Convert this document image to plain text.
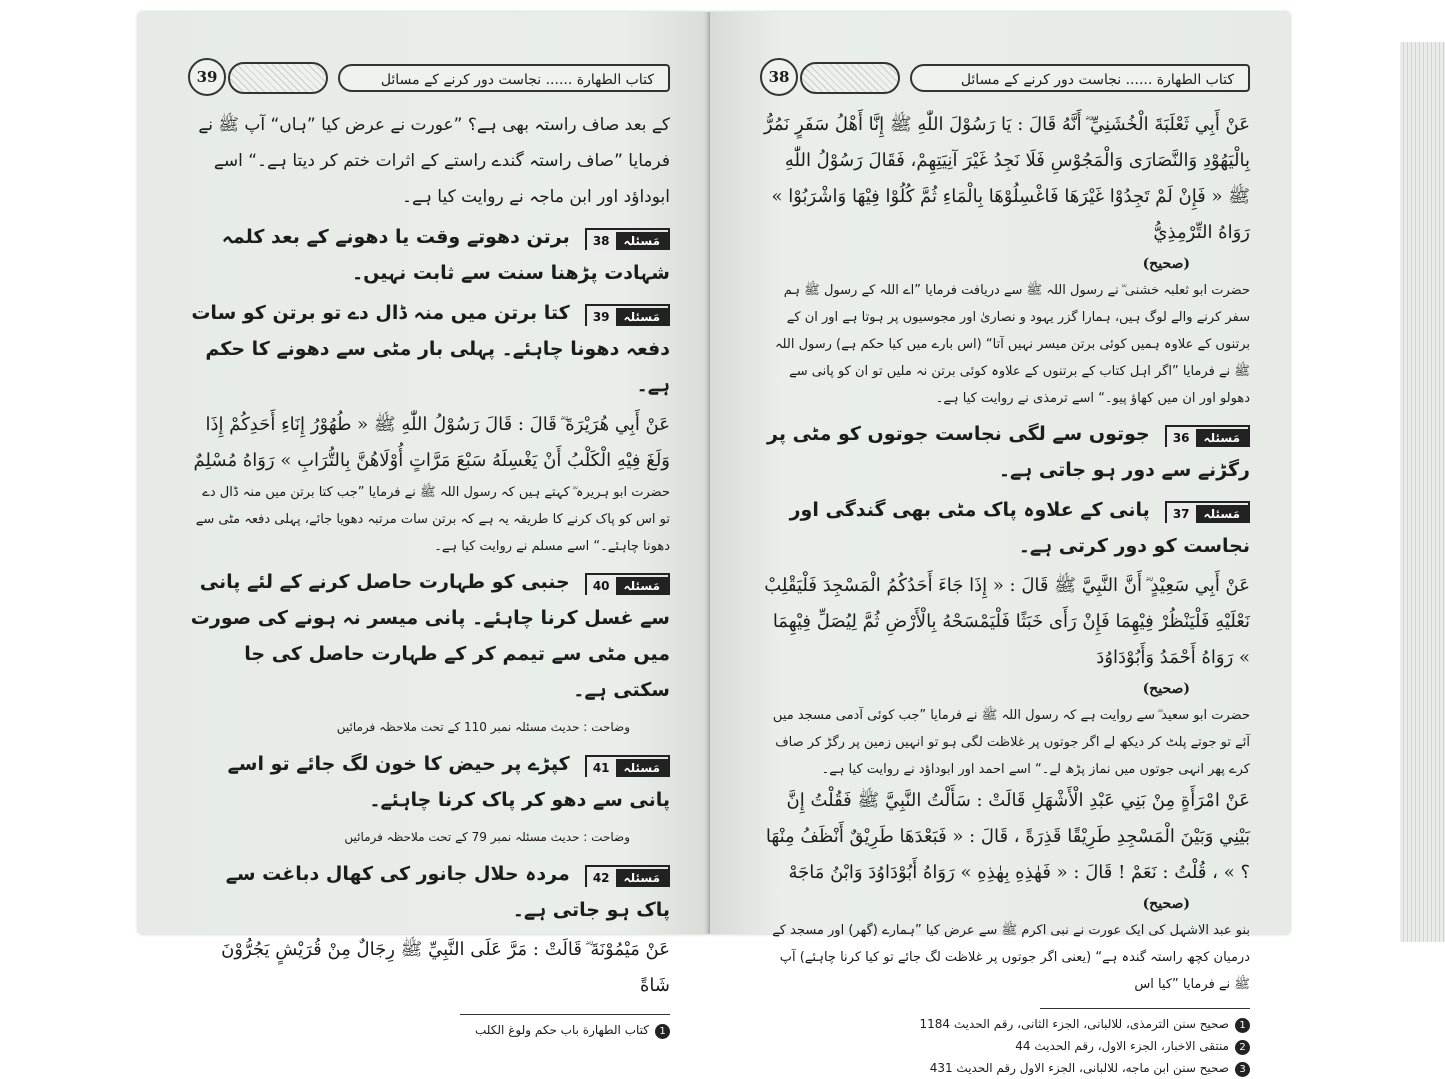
کتاب الطهارة ...... نجاست دور کرنے کے مسائل
39

کے بعد صاف راستہ بھی ہے؟ ”عورت نے عرض کیا ”ہاں“ آپ ﷺ نے فرمایا ”صاف راستہ گندے راستے کے اثرات ختم کر دیتا ہے۔“ اسے ابوداؤد اور ابن ماجہ نے روایت کیا ہے۔

مَسئلہ38 برتن دھوتے وقت یا دھونے کے بعد کلمہ شہادت پڑھنا سنت سے ثابت نہیں۔
مَسئلہ39 کتا برتن میں منہ ڈال دے تو برتن کو سات دفعہ دھونا چاہئے۔ پہلی بار مٹی سے دھونے کا حکم ہے۔

عَنْ أَبِي هُرَيْرَةَ ؓ قَالَ : قَالَ رَسُوْلُ اللّٰهِ ﷺ « طُهُوْرُ إِنَاءِ أَحَدِكُمْ إِذَا وَلَغَ فِيْهِ الْكَلْبُ أَنْ يَغْسِلَهُ سَبْعَ مَرَّاتٍ أُوْلَاهُنَّ بِالتُّرَابِ » رَوَاهُ مُسْلِمٌ

حضرت ابو ہریرہ ؓ کہتے ہیں کہ رسول اللہ ﷺ نے فرمایا ”جب کتا برتن میں منہ ڈال دے تو اس کو پاک کرنے کا طریقہ یہ ہے کہ برتن سات مرتبہ دھویا جائے، پہلی دفعہ مٹی سے دھونا چاہئے۔“ اسے مسلم نے روایت کیا ہے۔

مَسئلہ40 جنبی کو طہارت حاصل کرنے کے لئے پانی سے غسل کرنا چاہئے۔ پانی میسر نہ ہونے کی صورت میں مٹی سے تیمم کر کے طہارت حاصل کی جا سکتی ہے۔

وضاحت : حدیث مسئلہ نمبر 110 کے تحت ملاحظہ فرمائیں

مَسئلہ41 کپڑے پر حیض کا خون لگ جائے تو اسے پانی سے دھو کر پاک کرنا چاہئے۔

وضاحت : حدیث مسئلہ نمبر 79 کے تحت ملاحظہ فرمائیں

مَسئلہ42 مردہ حلال جانور کی کھال دباغت سے پاک ہو جاتی ہے۔

عَنْ مَيْمُوْنَةَ ؓ قَالَتْ : مَرَّ عَلَى النَّبِيِّ ﷺ رِجَالٌ مِنْ قُرَيْشٍ يَجُرُّوْنَ شَاةً

1کتاب الطهارة باب حکم ولوغ الکلب

کتاب الطهارة ...... نجاست دور کرنے کے مسائل
38

عَنْ أَبِي ثَعْلَبَةَ الْخُشَنِيِّ ؓ أَنَّهُ قَالَ : يَا رَسُوْلَ اللّٰهِ ﷺ إِنَّا أَهْلُ سَفَرٍ نَمُرُّ بِالْيَهُوْدِ وَالنَّصَارَى وَالْمَجُوْسِ فَلَا نَجِدُ غَيْرَ آنِيَتِهِمْ، فَقَالَ رَسُوْلُ اللّٰهِ ﷺ « فَإِنْ لَمْ تَجِدُوْا غَيْرَهَا فَاغْسِلُوْهَا بِالْمَاءِ ثُمَّ كُلُوْا فِيْهَا وَاشْرَبُوْا » رَوَاهُ التِّرْمِذِيُّ

(صحیح)

حضرت ابو ثعلبہ خشنی ؓ نے رسول اللہ ﷺ سے دریافت فرمایا ”اے اللہ کے رسول ﷺ ہم سفر کرنے والے لوگ ہیں، ہمارا گزر یہود و نصاریٰ اور مجوسیوں پر ہوتا ہے اور ان کے برتنوں کے علاوہ ہمیں کوئی برتن میسر نہیں آتا“ (اس بارے میں کیا حکم ہے) رسول اللہ ﷺ نے فرمایا ”اگر اہل کتاب کے برتنوں کے علاوہ کوئی برتن نہ ملیں تو ان کو پانی سے دھولو اور ان میں کھاؤ پیو۔“ اسے ترمذی نے روایت کیا ہے۔

مَسئلہ36 جوتوں سے لگی نجاست جوتوں کو مٹی پر رگڑنے سے دور ہو جاتی ہے۔
مَسئلہ37 پانی کے علاوہ پاک مٹی بھی گندگی اور نجاست کو دور کرتی ہے۔

عَنْ أَبِي سَعِيْدٍ ؓ أَنَّ النَّبِيَّ ﷺ قَالَ : « إِذَا جَاءَ أَحَدُكُمُ الْمَسْجِدَ فَلْيَقْلِبْ نَعْلَيْهِ فَلْيَنْظُرْ فِيْهِمَا فَإِنْ رَأَى خَبَثًا فَلْيَمْسَحْهُ بِالْأَرْضِ ثُمَّ لِيُصَلِّ فِيْهِمَا » رَوَاهُ أَحْمَدُ وَأَبُوْدَاوُدَ

(صحیح)

حضرت ابو سعید ؓ سے روایت ہے کہ رسول اللہ ﷺ نے فرمایا ”جب کوئی آدمی مسجد میں آئے تو جوتے پلٹ کر دیکھ لے اگر جوتوں پر غلاظت لگی ہو تو انہیں زمین پر رگڑ کر صاف کرے پھر انہی جوتوں میں نماز پڑھ لے۔“ اسے احمد اور ابوداؤد نے روایت کیا ہے۔

عَنْ امْرَأَةٍ مِنْ بَنِي عَبْدِ الْأَشْهَلِ قَالَتْ : سَأَلْتُ النَّبِيَّ ﷺ فَقُلْتُ إِنَّ بَيْنِي وَبَيْنَ الْمَسْجِدِ طَرِيْقًا قَذِرَةً ، قَالَ : « فَبَعْدَهَا طَرِيْقٌ أَنْظَفُ مِنْهَا ؟ » ، قُلْتُ : نَعَمْ ! قَالَ : « فَهٰذِهِ بِهٰذِهِ » رَوَاهُ أَبُوْدَاوُدَ وَابْنُ مَاجَهْ

(صحیح)

بنو عبد الاشہل کی ایک عورت نے نبی اکرم ﷺ سے عرض کیا ”ہمارے (گھر) اور مسجد کے درمیان کچھ راستہ گندہ ہے“ (یعنی اگر جوتوں پر غلاظت لگ جائے تو کیا کرنا چاہئے) آپ ﷺ نے فرمایا ”کیا اس

1صحیح سنن الترمذی، للالبانی، الجزء الثانی، رقم الحدیث 1184

2منتقی الاخبار، الجزء الاول، رقم الحدیث 44

3صحیح سنن ابن ماجه، للالبانی، الجزء الاول رقم الحدیث 431
